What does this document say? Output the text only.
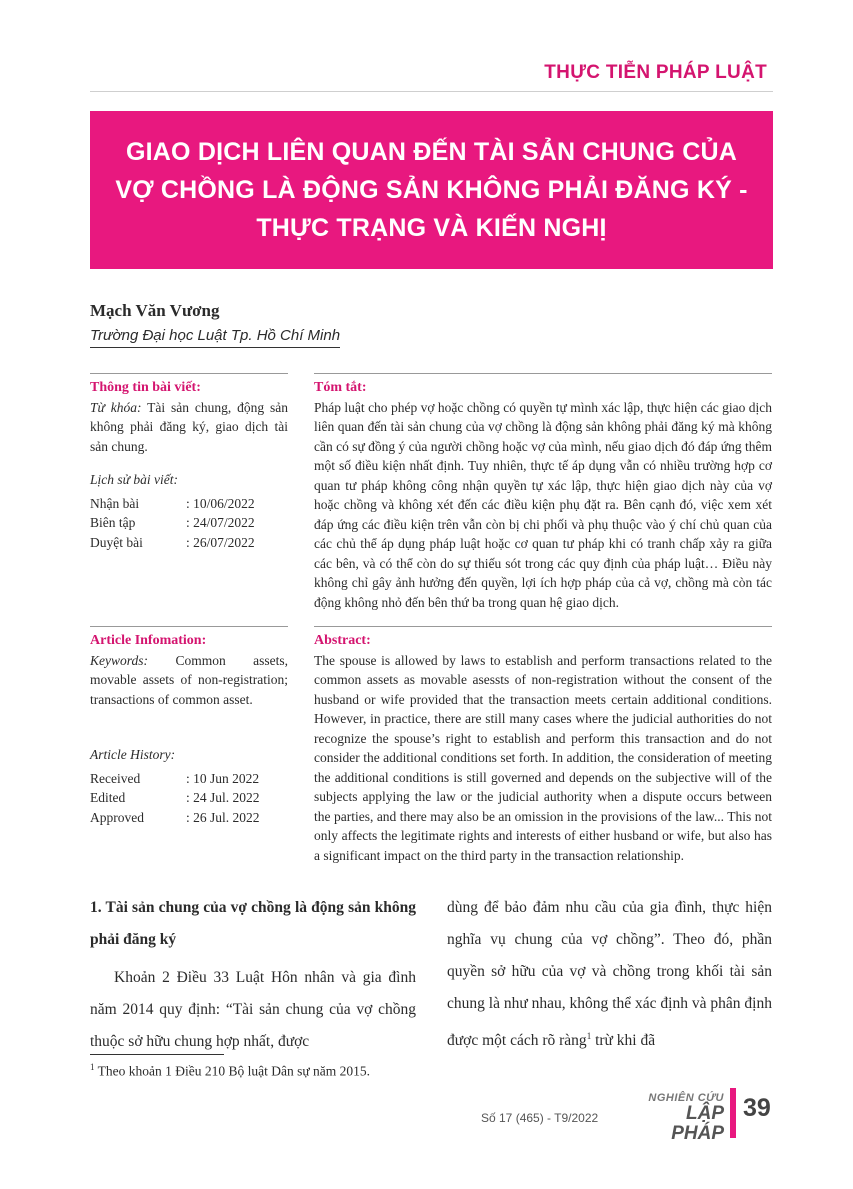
THỰC TIỄN PHÁP LUẬT
GIAO DỊCH LIÊN QUAN ĐẾN TÀI SẢN CHUNG CỦA
VỢ CHỒNG LÀ ĐỘNG SẢN KHÔNG PHẢI ĐĂNG KÝ -
THỰC TRẠNG VÀ KIẾN NGHỊ
Mạch Văn Vương
Trường Đại học Luật Tp. Hồ Chí Minh
Thông tin bài viết:

Từ khóa: Tài sản chung, động sản không phải đăng ký, giao dịch tài sản chung.

Lịch sử bài viết:
Nhận bài	: 10/06/2022
Biên tập	: 24/07/2022
Duyệt bài	: 26/07/2022
Tóm tắt:

Pháp luật cho phép vợ hoặc chồng có quyền tự mình xác lập, thực hiện các giao dịch liên quan đến tài sản chung của vợ chồng là động sản không phải đăng ký mà không cần có sự đồng ý của người chồng hoặc vợ của mình, nếu giao dịch đó đáp ứng thêm một số điều kiện nhất định. Tuy nhiên, thực tế áp dụng vẫn có nhiều trường hợp cơ quan tư pháp không công nhận quyền tự xác lập, thực hiện giao dịch này của vợ hoặc chồng và không xét đến các điều kiện phụ đặt ra. Bên cạnh đó, việc xem xét đáp ứng các điều kiện trên vẫn còn bị chi phối và phụ thuộc vào ý chí chủ quan của các chủ thể áp dụng pháp luật hoặc cơ quan tư pháp khi có tranh chấp xảy ra giữa các bên, và có thể còn do sự thiếu sót trong các quy định của pháp luật… Điều này không chỉ gây ảnh hưởng đến quyền, lợi ích hợp pháp của cả vợ, chồng mà còn tác động không nhỏ đến bên thứ ba trong quan hệ giao dịch.

Article Infomation:

Keywords: Common assets, movable assets of non-registration; transactions of common asset.

Article History:
Received	: 10 Jun 2022
Edited	: 24 Jul. 2022
Approved	: 26 Jul. 2022
Abstract:

The spouse is allowed by laws to establish and perform transactions related to the common assets as movable asessts of non-registration without the consent of the husband or wife provided that the transaction meets certain additional conditions. However, in practice, there are still many cases where the judicial authorities do not recognize the spouse’s right to establish and perform this transaction and do not consider the additional conditions set forth. In addition, the consideration of meeting the additional conditions is still governed and depends on the subjective will of the subjects applying the law or the judicial authority when a dispute occurs between the parties, and there may also be an omission in the provisions of the law... This not only affects the legitimate rights and interests of either husband or wife, but also has a significant impact on the third party in the transaction relationship.

1. Tài sản chung của vợ chồng là động sản không phải đăng ký

Khoản 2 Điều 33 Luật Hôn nhân và gia đình năm 2014 quy định: “Tài sản chung của vợ chồng thuộc sở hữu chung hợp nhất, được

dùng để bảo đảm nhu cầu của gia đình, thực hiện nghĩa vụ chung của vợ chồng”. Theo đó, phần quyền sở hữu của vợ và chồng trong khối tài sản chung là như nhau, không thể xác định và phân định được một cách rõ ràng$^1$ trừ khi đã

$^1$ Theo khoản 1 Điều 210 Bộ luật Dân sự năm 2015.
Số 17 (465) - T9/2022
NGHIÊN CỨU
LẬP PHÁP
39
